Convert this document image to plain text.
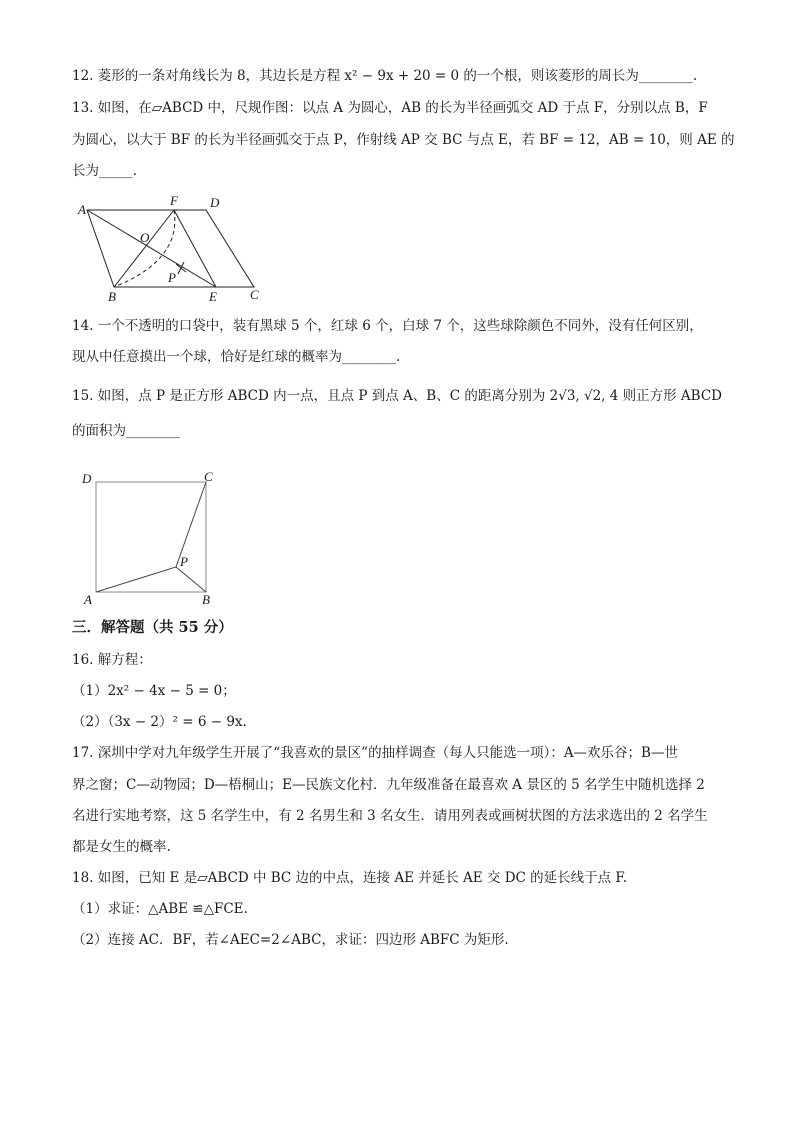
12. 菱形的一条对角线长为 8，其边长是方程 x² − 9x + 20 = 0 的一个根，则该菱形的周长为________.
13. 如图，在▱ABCD 中，尺规作图：以点 A 为圆心，AB 的长为半径画弧交 AD 于点 F，分别以点 B，F
为圆心，以大于 BF 的长为半径画弧交于点 P，作射线 AP 交 BC 与点 E，若 BF = 12，AB = 10，则 AE 的
长为_____.
A
F D
O
P
B	E	C
14. 一个不透明的口袋中，装有黑球 5 个，红球 6 个，白球 7 个，这些球除颜色不同外，没有任何区别，
现从中任意摸出一个球，恰好是红球的概率为________.
15. 如图，点 P 是正方形 ABCD 内一点，且点 P 到点 A、B、C 的距离分别为 2√3, √2, 4 则正方形 ABCD
的面积为________
D	C
P
A	B
三．解答题（共 55 分）
16. 解方程：
（1）2x² − 4x − 5 = 0；
（2）（3x − 2）² = 6 − 9x.
17. 深圳中学对九年级学生开展了“我喜欢的景区”的抽样调查（每人只能选一项）：A—欢乐谷；B—世
界之窗；C—动物园；D—梧桐山；E—民族文化村．九年级准备在最喜欢 A 景区的 5 名学生中随机选择 2
名进行实地考察，这 5 名学生中，有 2 名男生和 3 名女生．请用列表或画树状图的方法求选出的 2 名学生
都是女生的概率.
18. 如图，已知 E 是▱ABCD 中 BC 边的中点，连接 AE 并延长 AE 交 DC 的延长线于点 F.
（1）求证：△ABE ≌△FCE.
（2）连接 AC．BF，若∠AEC=2∠ABC，求证：四边形 ABFC 为矩形.
